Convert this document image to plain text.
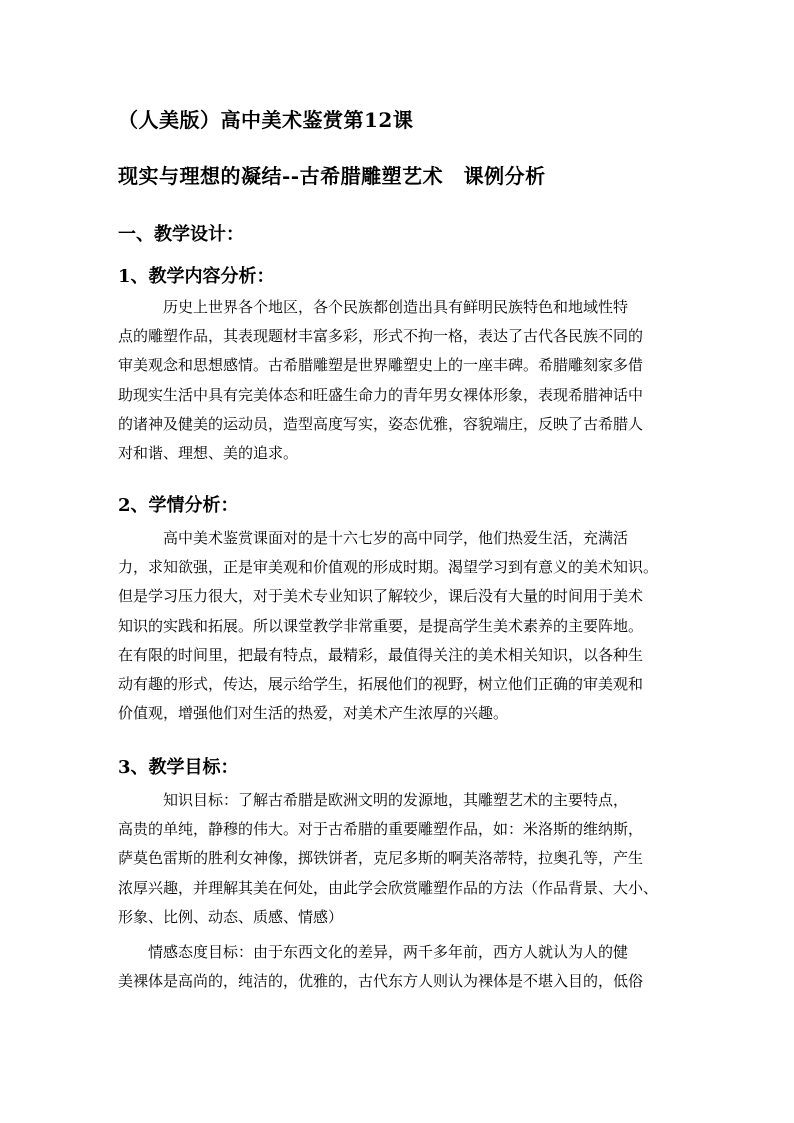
（人美版）高中美术鉴赏第12课
现实与理想的凝结--古希腊雕塑艺术　课例分析
一、教学设计：
1、教学内容分析：
　　　历史上世界各个地区，各个民族都创造出具有鲜明民族特色和地域性特
点的雕塑作品，其表现题材丰富多彩，形式不拘一格，表达了古代各民族不同的
审美观念和思想感情。古希腊雕塑是世界雕塑史上的一座丰碑。希腊雕刻家多借
助现实生活中具有完美体态和旺盛生命力的青年男女裸体形象，表现希腊神话中
的诸神及健美的运动员，造型高度写实，姿态优雅，容貌端庄，反映了古希腊人
对和谐、理想、美的追求。
2、学情分析：
　　　高中美术鉴赏课面对的是十六七岁的高中同学，他们热爱生活，充满活
力，求知欲强，正是审美观和价值观的形成时期。渴望学习到有意义的美术知识。
但是学习压力很大，对于美术专业知识了解较少，课后没有大量的时间用于美术
知识的实践和拓展。所以课堂教学非常重要，是提高学生美术素养的主要阵地。
在有限的时间里，把最有特点，最精彩，最值得关注的美术相关知识，以各种生
动有趣的形式，传达，展示给学生，拓展他们的视野，树立他们正确的审美观和
价值观，增强他们对生活的热爱，对美术产生浓厚的兴趣。
3、教学目标：
　　　知识目标：了解古希腊是欧洲文明的发源地，其雕塑艺术的主要特点，
高贵的单纯，静穆的伟大。对于古希腊的重要雕塑作品，如：米洛斯的维纳斯，
萨莫色雷斯的胜利女神像，掷铁饼者，克尼多斯的啊芙洛蒂特，拉奥孔等，产生
浓厚兴趣，并理解其美在何处，由此学会欣赏雕塑作品的方法（作品背景、大小、
形象、比例、动态、质感、情感）
　　情感态度目标：由于东西文化的差异，两千多年前，西方人就认为人的健
美裸体是高尚的，纯洁的，优雅的，古代东方人则认为裸体是不堪入目的，低俗
